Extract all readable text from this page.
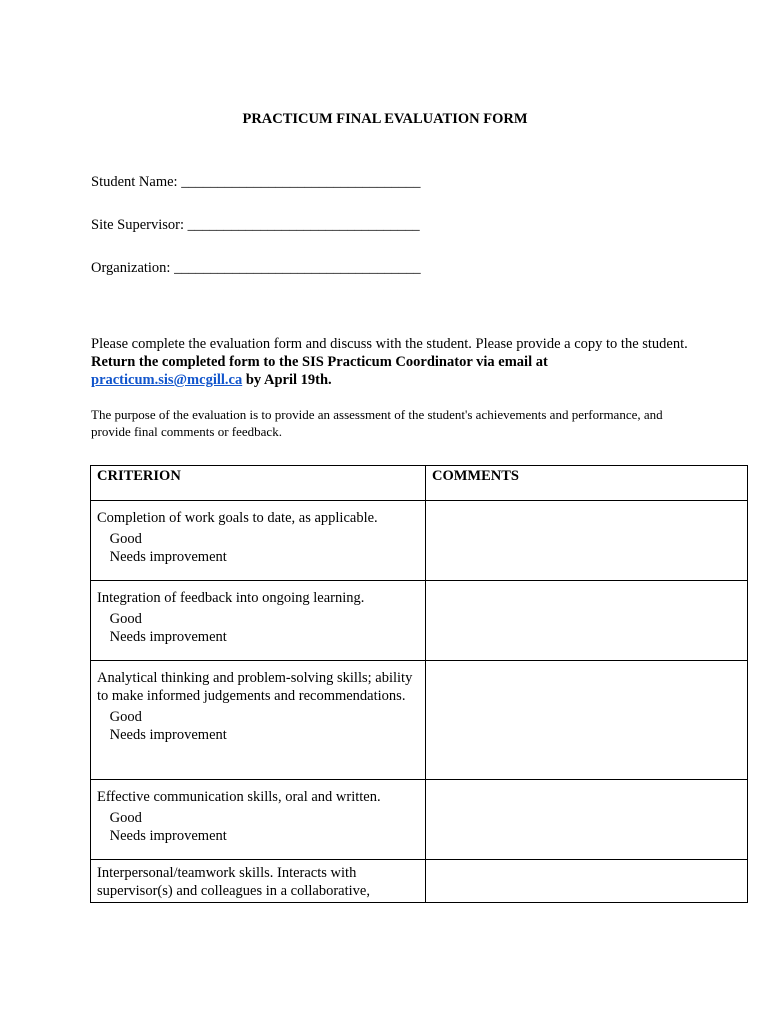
PRACTICUM FINAL EVALUATION FORM
Student Name: _________________________________
Site Supervisor: ________________________________
Organization: __________________________________
Please complete the evaluation form and discuss with the student. Please provide a copy to the student. Return the completed form to the SIS Practicum Coordinator via email at practicum.sis@mcgill.ca by April 19th.
The purpose of the evaluation is to provide an assessment of the student's achievements and performance, and provide final comments or feedback.
CRITERION	COMMENTS

Completion of work goals to date, as applicable.
Good
Needs improvement	

Integration of feedback into ongoing learning.
Good
Needs improvement	

Analytical thinking and problem-solving skills; ability to make informed judgements and recommendations.
Good
Needs improvement	

Effective communication skills, oral and written.
Good
Needs improvement	

Interpersonal/teamwork skills. Interacts with supervisor(s) and colleagues in a collaborative,	
